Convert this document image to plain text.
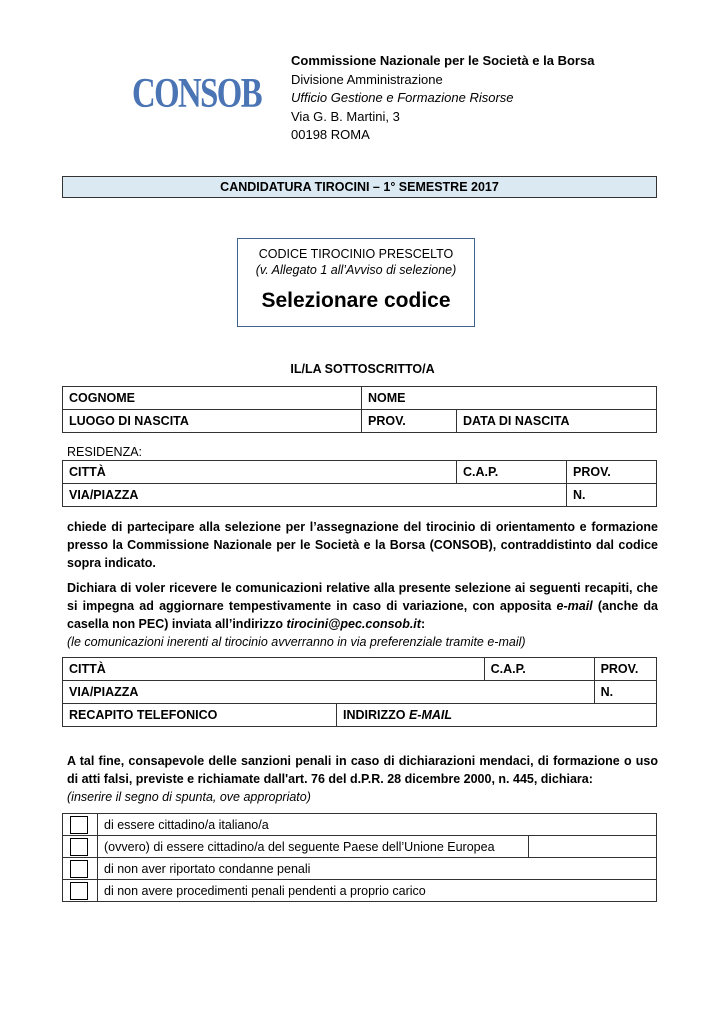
CONSOB
Commissione Nazionale per le Società e la Borsa
Divisione Amministrazione
Ufficio Gestione e Formazione Risorse
Via G. B. Martini, 3
00198 ROMA
CANDIDATURA TIROCINI – 1° SEMESTRE 2017
CODICE TIROCINIO PRESCELTO
(v. Allegato 1 all’Avviso di selezione)
Selezionare codice
IL/LA SOTTOSCRITTO/A
COGNOME	NOME	
LUOGO DI NASCITA	PROV.	DATA DI NASCITA
RESIDENZA:
CITTÀ	C.A.P.	PROV.
VIA/PIAZZA		N.
chiede di partecipare alla selezione per l’assegnazione del tirocinio di orientamento e formazione presso la Commissione Nazionale per le Società e la Borsa (CONSOB), contraddistinto dal codice sopra indicato.
Dichiara di voler ricevere le comunicazioni relative alla presente selezione ai seguenti recapiti, che si impegna ad aggiornare tempestivamente in caso di variazione, con apposita e-mail (anche da casella non PEC) inviata all’indirizzo tirocini@pec.consob.it:
(le comunicazioni inerenti al tirocinio avverranno in via preferenziale tramite e-mail)
CITTÀ		C.A.P.	PROV.
VIA/PIAZZA			N.
RECAPITO TELEFONICO	INDIRIZZO E-MAIL		
A tal fine, consapevole delle sanzioni penali in caso di dichiarazioni mendaci, di formazione o uso di atti falsi, previste e richiamate dall'art. 76 del d.P.R. 28 dicembre 2000, n. 445, dichiara:
(inserire il segno di spunta, ove appropriato)
	di essere cittadino/a italiano/a	

	(ovvero) di essere cittadino/a del seguente Paese dell’Unione Europea	

	di non aver riportato condanne penali	

	di non avere procedimenti penali pendenti a proprio carico	
